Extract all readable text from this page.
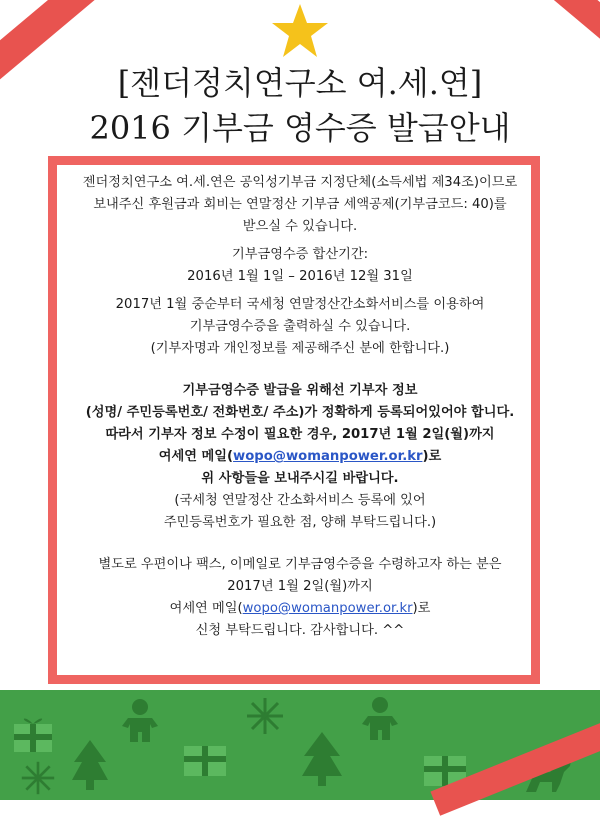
[젠더정치연구소 여.세.연]
2016 기부금 영수증 발급안내

젠더정치연구소 여.세.연은 공익성기부금 지정단체(소득세법 제34조)이므로

보내주신 후원금과 회비는 연말정산 기부금 세액공제(기부금코드: 40)를

받으실 수 있습니다.

기부금영수증 합산기간:

2016년 1월 1일 – 2016년 12월 31일

2017년 1월 중순부터 국세청 연말정산간소화서비스를 이용하여

기부금영수증을 출력하실 수 있습니다.

(기부자명과 개인정보를 제공해주신 분에 한합니다.)

기부금영수증 발급을 위해선 기부자 정보

(성명/ 주민등록번호/ 전화번호/ 주소)가 정확하게 등록되어있어야 합니다.

따라서 기부자 정보 수정이 필요한 경우, 2017년 1월 2일(월)까지

여세연 메일(wopo@womanpower.or.kr)로

위 사항들을 보내주시길 바랍니다.

(국세청 연말정산 간소화서비스 등록에 있어

주민등록번호가 필요한 점, 양해 부탁드립니다.)

별도로 우편이나 팩스, 이메일로 기부금영수증을 수령하고자 하는 분은

2017년 1월 2일(월)까지

여세연 메일(wopo@womanpower.or.kr)로

신청 부탁드립니다. 감사합니다. ^^
